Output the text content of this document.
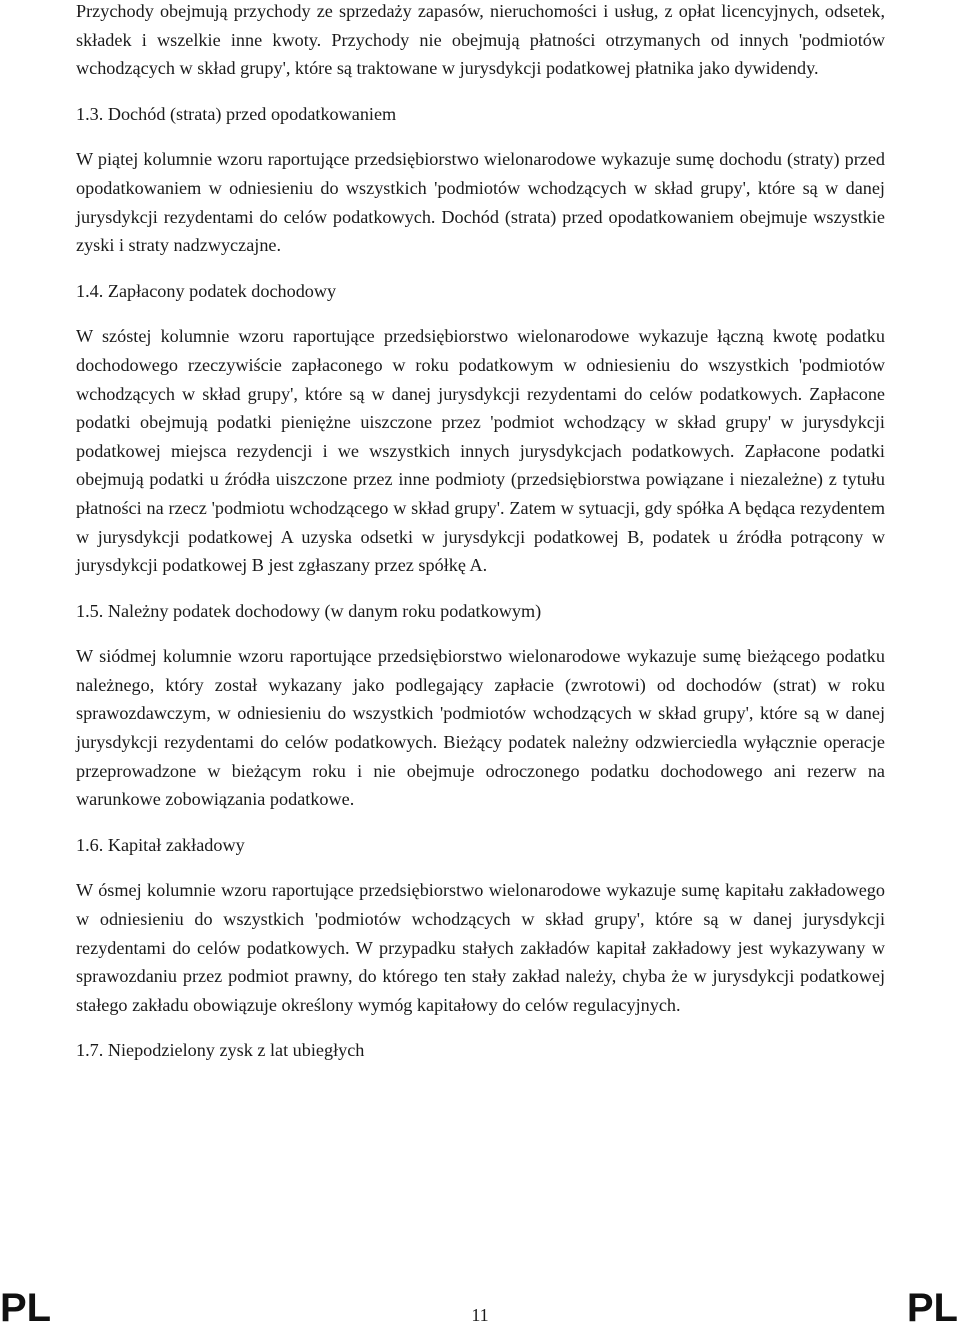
Przychody obejmują przychody ze sprzedaży zapasów, nieruchomości i usług, z opłat licencyjnych, odsetek, składek i wszelkie inne kwoty. Przychody nie obejmują płatności otrzymanych od innych 'podmiotów wchodzących w skład grupy', które są traktowane w jurysdykcji podatkowej płatnika jako dywidendy.

1.3. Dochód (strata) przed opodatkowaniem

W piątej kolumnie wzoru raportujące przedsiębiorstwo wielonarodowe wykazuje sumę dochodu (straty) przed opodatkowaniem w odniesieniu do wszystkich 'podmiotów wchodzących w skład grupy', które są w danej jurysdykcji rezydentami do celów podatkowych. Dochód (strata) przed opodatkowaniem obejmuje wszystkie zyski i straty nadzwyczajne.

1.4. Zapłacony podatek dochodowy

W szóstej kolumnie wzoru raportujące przedsiębiorstwo wielonarodowe wykazuje łączną kwotę podatku dochodowego rzeczywiście zapłaconego w roku podatkowym w odniesieniu do wszystkich 'podmiotów wchodzących w skład grupy', które są w danej jurysdykcji rezydentami do celów podatkowych. Zapłacone podatki obejmują podatki pieniężne uiszczone przez 'podmiot wchodzący w skład grupy' w jurysdykcji podatkowej miejsca rezydencji i we wszystkich innych jurysdykcjach podatkowych. Zapłacone podatki obejmują podatki u źródła uiszczone przez inne podmioty (przedsiębiorstwa powiązane i niezależne) z tytułu płatności na rzecz 'podmiotu wchodzącego w skład grupy'. Zatem w sytuacji, gdy spółka A będąca rezydentem w jurysdykcji podatkowej A uzyska odsetki w jurysdykcji podatkowej B, podatek u źródła potrącony w jurysdykcji podatkowej B jest zgłaszany przez spółkę A.

1.5. Należny podatek dochodowy (w danym roku podatkowym)

W siódmej kolumnie wzoru raportujące przedsiębiorstwo wielonarodowe wykazuje sumę bieżącego podatku należnego, który został wykazany jako podlegający zapłacie (zwrotowi) od dochodów (strat) w roku sprawozdawczym, w odniesieniu do wszystkich 'podmiotów wchodzących w skład grupy', które są w danej jurysdykcji rezydentami do celów podatkowych. Bieżący podatek należny odzwierciedla wyłącznie operacje przeprowadzone w bieżącym roku i nie obejmuje odroczonego podatku dochodowego ani rezerw na warunkowe zobowiązania podatkowe.

1.6. Kapitał zakładowy

W ósmej kolumnie wzoru raportujące przedsiębiorstwo wielonarodowe wykazuje sumę kapitału zakładowego w odniesieniu do wszystkich 'podmiotów wchodzących w skład grupy', które są w danej jurysdykcji rezydentami do celów podatkowych. W przypadku stałych zakładów kapitał zakładowy jest wykazywany w sprawozdaniu przez podmiot prawny, do którego ten stały zakład należy, chyba że w jurysdykcji podatkowej stałego zakładu obowiązuje określony wymóg kapitałowy do celów regulacyjnych.

1.7. Niepodzielony zysk z lat ubiegłych
PL	11	PL
